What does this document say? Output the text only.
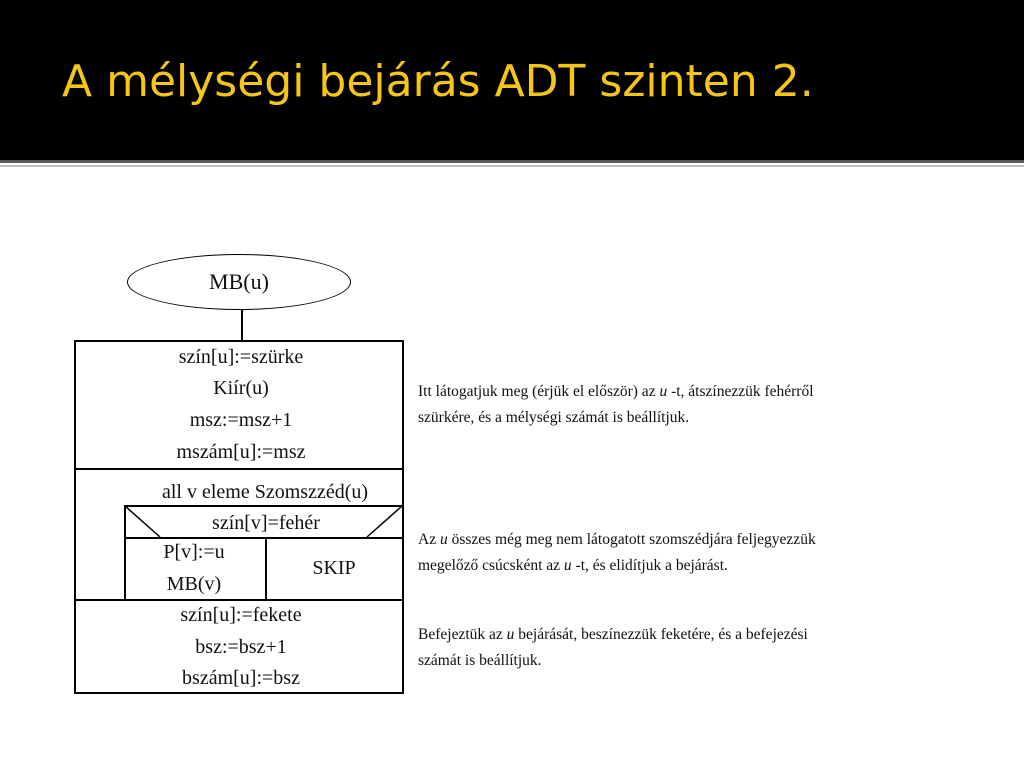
A mélységi bejárás ADT szinten 2.
MB(u)
szín[u]:=szürke
Kiír(u)
msz:=msz+1
mszám[u]:=msz
all v eleme Szomszzéd(u)
szín[v]=fehér
P[v]:=u
MB(v)
SKIP
szín[u]:=fekete
bsz:=bsz+1
bszám[u]:=bsz
Itt látogatjuk meg (érjük el először) az u -t, átszínezzük fehérről
szürkére, és a mélységi számát is beállítjuk.
Az u összes még meg nem látogatott szomszédjára feljegyezzük
megelőző csúcsként az u -t, és elidítjuk a bejárást.
Befejeztük az u bejárását, beszínezzük feketére, és a befejezési
számát is beállítjuk.
